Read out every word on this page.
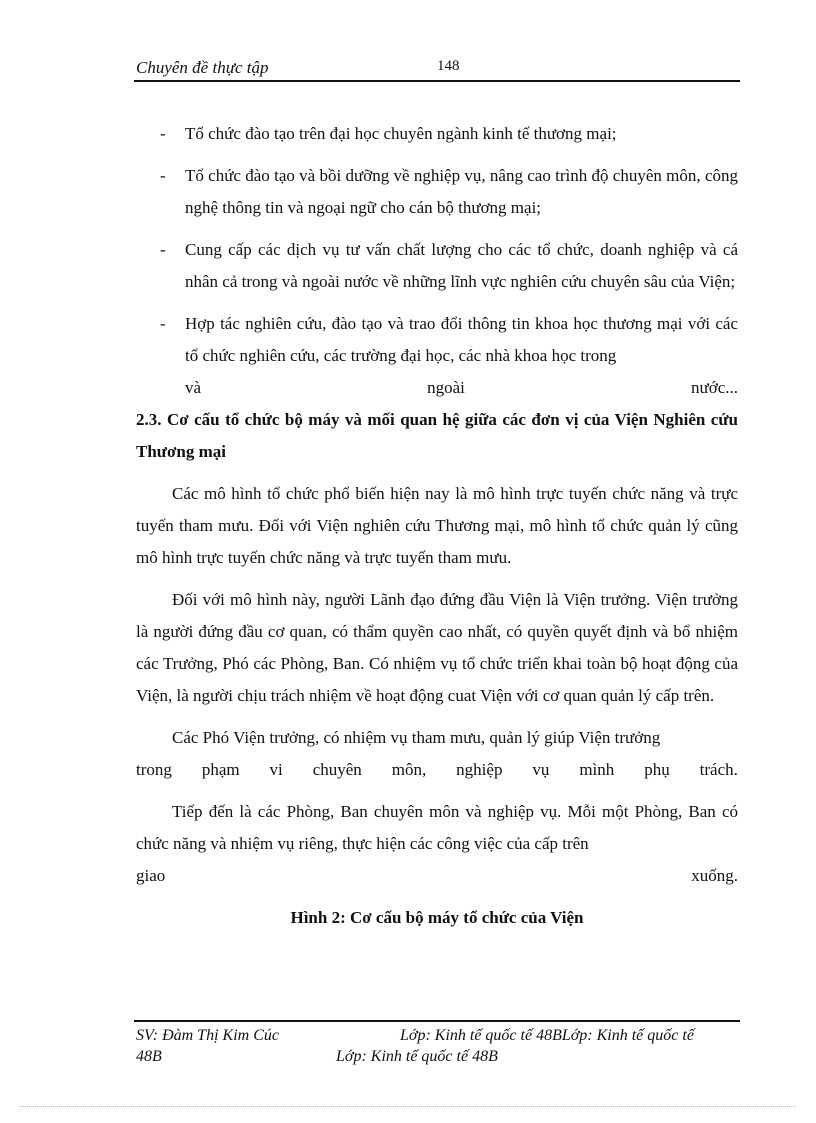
Chuyên đề thực tập	148
- Tổ chức đào tạo trên đại học chuyên ngành kinh tế thương mại;
- Tổ chức đào tạo và bồi dưỡng về nghiệp vụ, nâng cao trình độ chuyên môn, công nghệ thông tin và ngoại ngữ cho cán bộ thương mại;
- Cung cấp các dịch vụ tư vấn chất lượng cho các tổ chức, doanh nghiệp và cá nhân cả trong và ngoài nước về những lĩnh vực nghiên cứu chuyên sâu của Viện;
- Hợp tác nghiên cứu, đào tạo và trao đổi thông tin khoa học thương mại với các tổ chức nghiên cứu, các trường đại học, các nhà khoa học trong
và	ngoài	nước...
2.3. Cơ cấu tổ chức bộ máy và mối quan hệ giữa các đơn vị của Viện Nghiên cứu Thương mại
Các mô hình tổ chức phổ biến hiện nay là mô hình trực tuyến chức năng và trực tuyến tham mưu. Đối với Viện nghiên cứu Thương mại, mô hình tổ chức quản lý cũng mô hình trực tuyến chức năng và trực tuyến tham mưu.
Đối với mô hình này, người Lãnh đạo đứng đầu Viện là Viện trưởng. Viện trưởng là người đứng đầu cơ quan, có thẩm quyền cao nhất, có quyền quyết định và bổ nhiệm các Trưởng, Phó các Phòng, Ban. Có nhiệm vụ tổ chức triển khai toàn bộ hoạt động của Viện, là người chịu trách nhiệm về hoạt động cuat Viện với cơ quan quản lý cấp trên.
Các Phó Viện trưởng, có nhiệm vụ tham mưu, quản lý giúp Viện trưởng
trong phạm vi chuyên môn, nghiệp vụ mình phụ trách.
Tiếp đến là các Phòng, Ban chuyên môn và nghiệp vụ. Mỗi một Phòng, Ban có chức năng và nhiệm vụ riêng, thực hiện các công việc của cấp trên
giao	xuống.
Hình 2: Cơ cấu bộ máy tổ chức của Viện
SV: Đàm Thị Kim Cúc	Lớp: Kinh tế quốc tế 48BLớp: Kinh tế quốc tế
48B	Lớp: Kinh tế quốc tế 48B
